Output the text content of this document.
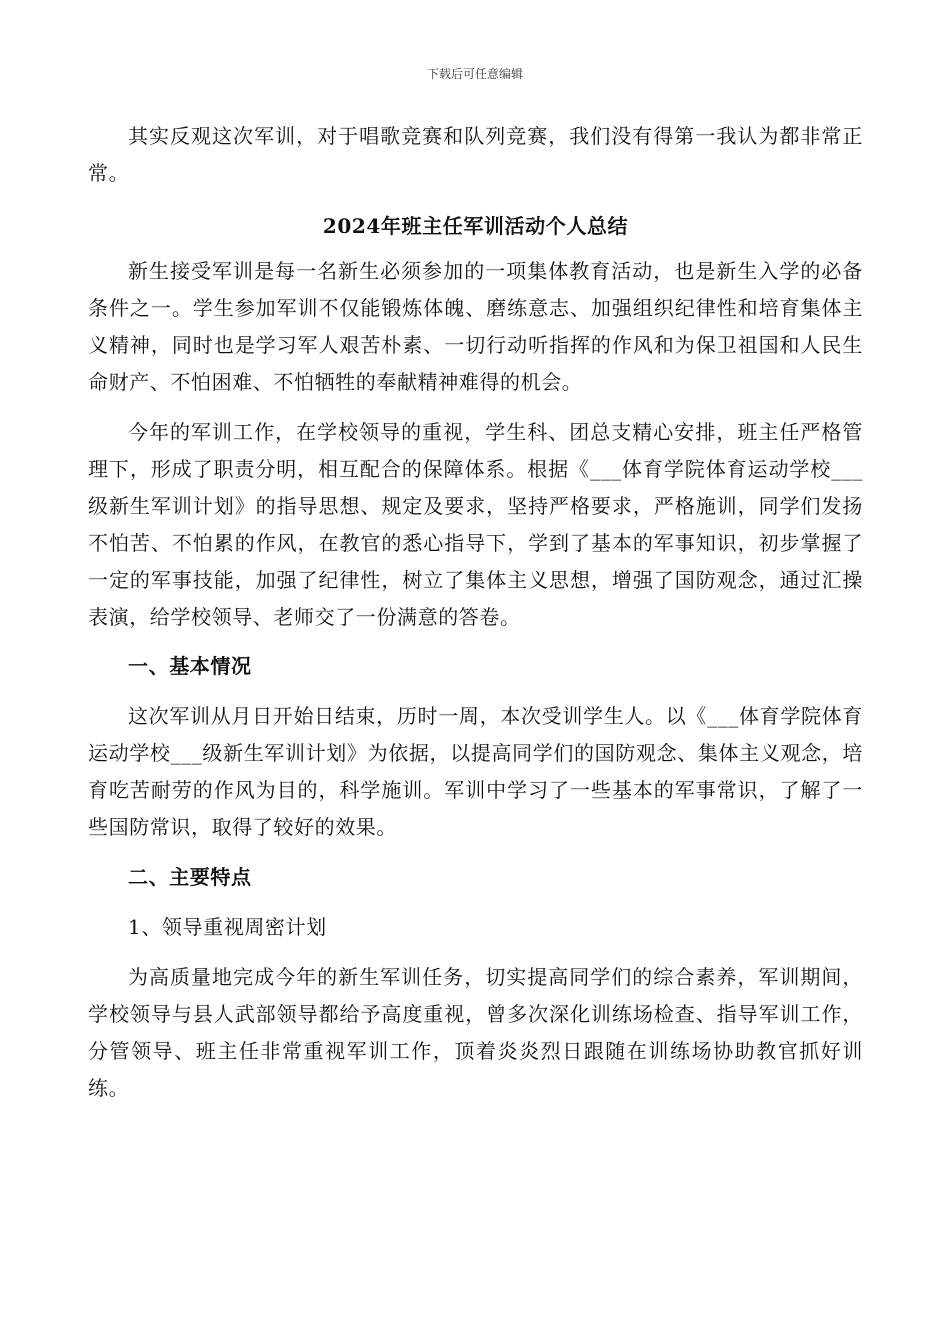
下载后可任意编辑

其实反观这次军训，对于唱歌竞赛和队列竞赛，我们没有得第一我认为都非常正常。

2024年班主任军训活动个人总结

新生接受军训是每一名新生必须参加的一项集体教育活动，也是新生入学的必备条件之一。学生参加军训不仅能锻炼体魄、磨练意志、加强组织纪律性和培育集体主义精神，同时也是学习军人艰苦朴素、一切行动听指挥的作风和为保卫祖国和人民生命财产、不怕困难、不怕牺牲的奉献精神难得的机会。

今年的军训工作，在学校领导的重视，学生科、团总支精心安排，班主任严格管理下，形成了职责分明，相互配合的保障体系。根据《___体育学院体育运动学校___级新生军训计划》的指导思想、规定及要求，坚持严格要求，严格施训，同学们发扬不怕苦、不怕累的作风，在教官的悉心指导下，学到了基本的军事知识，初步掌握了一定的军事技能，加强了纪律性，树立了集体主义思想，增强了国防观念，通过汇操表演，给学校领导、老师交了一份满意的答卷。

一、基本情况

这次军训从月日开始日结束，历时一周，本次受训学生人。以《___体育学院体育运动学校___级新生军训计划》为依据，以提高同学们的国防观念、集体主义观念，培育吃苦耐劳的作风为目的，科学施训。军训中学习了一些基本的军事常识，了解了一些国防常识，取得了较好的效果。

二、主要特点

1、领导重视周密计划

为高质量地完成今年的新生军训任务，切实提高同学们的综合素养，军训期间，学校领导与县人武部领导都给予高度重视，曾多次深化训练场检查、指导军训工作，分管领导、班主任非常重视军训工作，顶着炎炎烈日跟随在训练场协助教官抓好训练。
